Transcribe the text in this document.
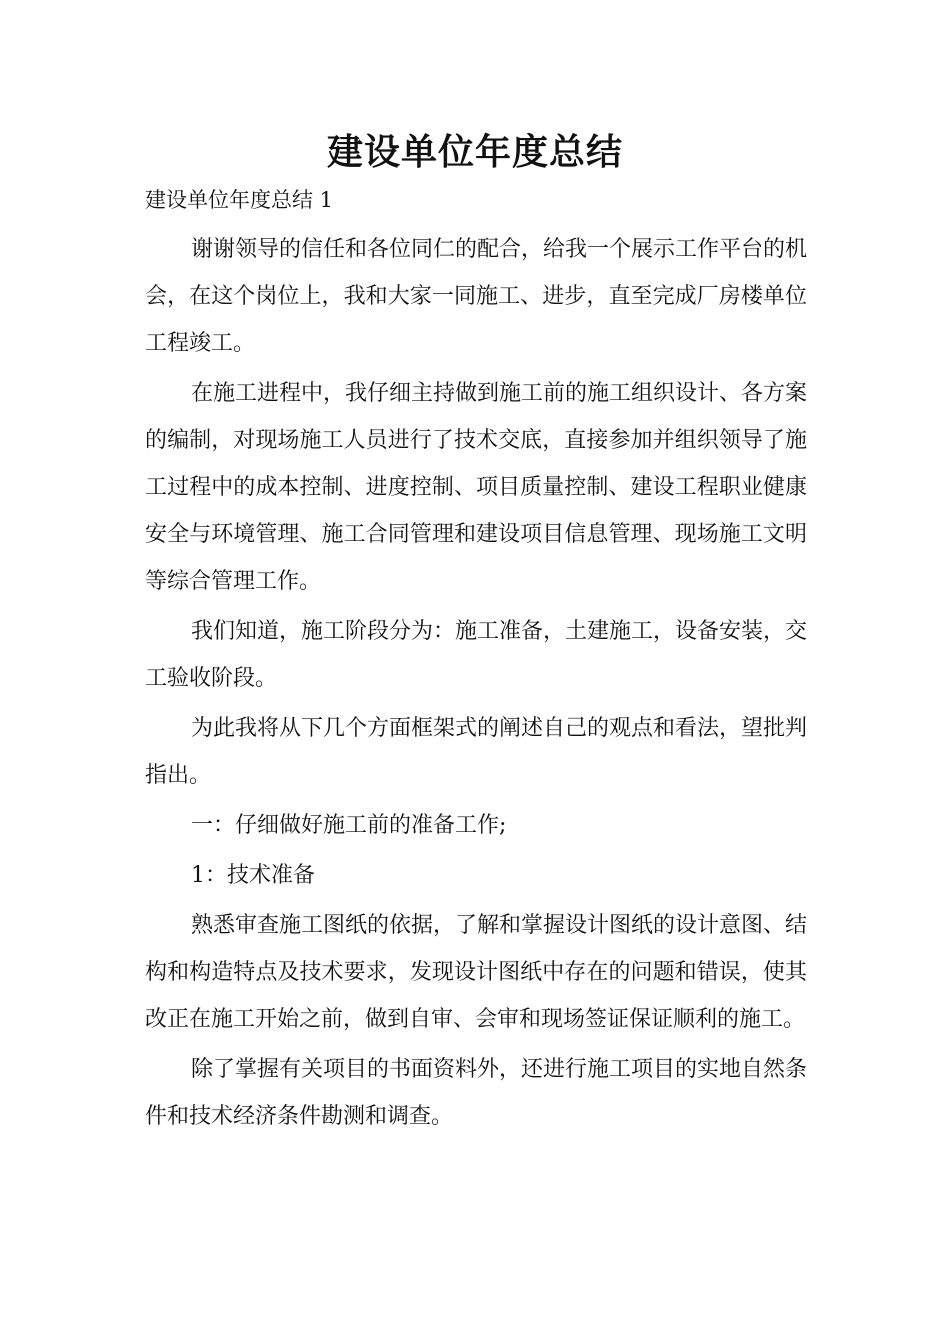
建设单位年度总结

建设单位年度总结 1

谢谢领导的信任和各位同仁的配合，给我一个展示工作平台的机会，在这个岗位上，我和大家一同施工、进步，直至完成厂房楼单位工程竣工。

在施工进程中，我仔细主持做到施工前的施工组织设计、各方案的编制，对现场施工人员进行了技术交底，直接参加并组织领导了施工过程中的成本控制、进度控制、项目质量控制、建设工程职业健康安全与环境管理、施工合同管理和建设项目信息管理、现场施工文明等综合管理工作。

我们知道，施工阶段分为：施工准备，土建施工，设备安装，交工验收阶段。

为此我将从下几个方面框架式的阐述自己的观点和看法，望批判指出。

一：仔细做好施工前的准备工作;

1：技术准备

熟悉审查施工图纸的依据，了解和掌握设计图纸的设计意图、结构和构造特点及技术要求，发现设计图纸中存在的问题和错误，使其改正在施工开始之前，做到自审、会审和现场签证保证顺利的施工。

除了掌握有关项目的书面资料外，还进行施工项目的实地自然条件和技术经济条件勘测和调查。
